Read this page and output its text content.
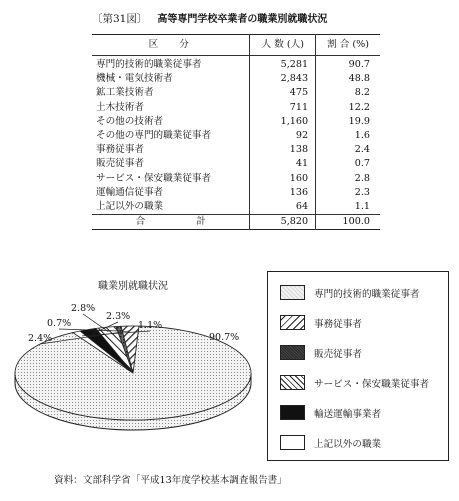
〔第31図〕 高等専門学校卒業者の職業別就職状況
区分	人 数 (人)	割 合 (%)
専門的技術的職業従事者	5,281	90.7
機械・電気技術者	2,843	48.8
鉱工業技術者	475	8.2
土木技術者	711	12.2
その他の技術者	1,160	19.9
その他の専門的職業従事者	92	1.6
事務従事者	138	2.4
販売従事者	41	0.7
サービス・保安職業従事者	160	2.8
運輸通信従事者	136	2.3
上記以外の職業	64	1.1
合 計	5,820	100.0
職業別就職状況
90.7%
2.4%
0.7%
2.8%
2.3%
1.1%
専門的技術的職業従事者
事務従事者
販売従事者
サービス・保安職業従事者
輸送運輸事業者
上記以外の職業
資料：文部科学省「平成13年度学校基本調査報告書」
